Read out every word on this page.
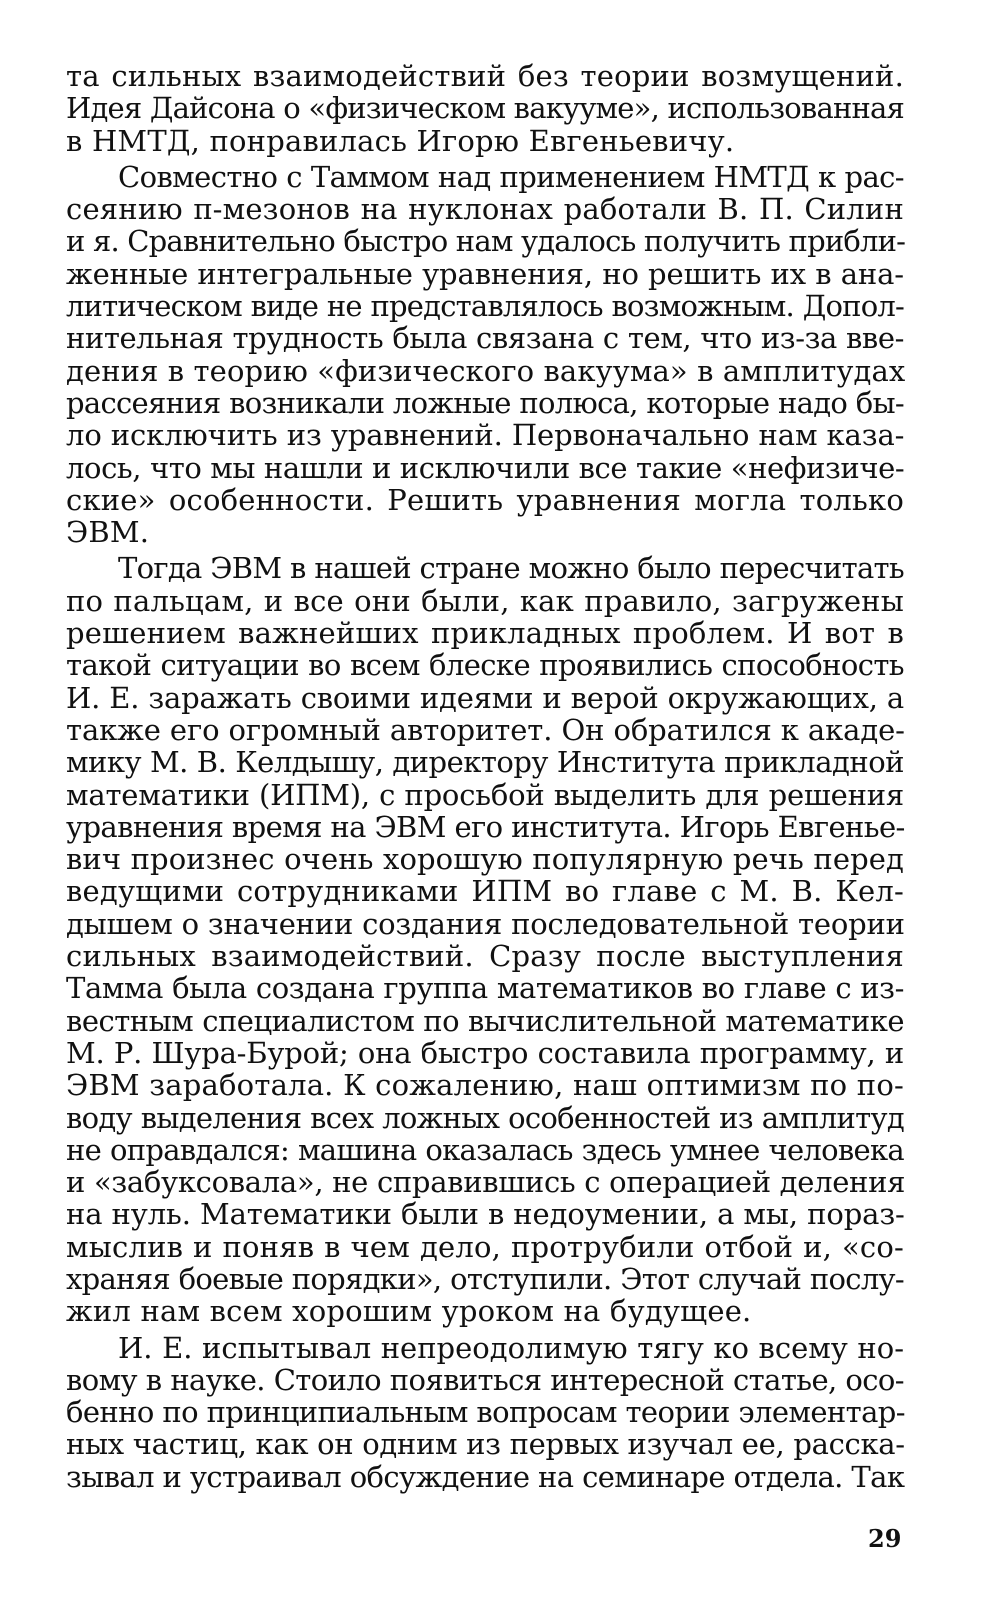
та сильных взаимодействий без теории возмущений.
Идея Дайсона о «физическом вакууме», использованная
в НМТД, понравилась Игорю Евгеньевичу.
Совместно с Таммом над применением НМТД к рас-
сеянию π-мезонов на нуклонах работали В. П. Силин
и я. Сравнительно быстро нам удалось получить прибли-
женные интегральные уравнения, но решить их в ана-
литическом виде не представлялось возможным. Допол-
нительная трудность была связана с тем, что из-за вве-
дения в теорию «физического вакуума» в амплитудах
рассеяния возникали ложные полюса, которые надо бы-
ло исключить из уравнений. Первоначально нам каза-
лось, что мы нашли и исключили все такие «нефизиче-
ские» особенности. Решить уравнения могла только
ЭВМ.
Тогда ЭВМ в нашей стране можно было пересчитать
по пальцам, и все они были, как правило, загружены
решением важнейших прикладных проблем. И вот в
такой ситуации во всем блеске проявились способность
И. Е. заражать своими идеями и верой окружающих, а
также его огромный авторитет. Он обратился к акаде-
мику М. В. Келдышу, директору Института прикладной
математики (ИПМ), с просьбой выделить для решения
уравнения время на ЭВМ его института. Игорь Евгенье-
вич произнес очень хорошую популярную речь перед
ведущими сотрудниками ИПМ во главе с М. В. Кел-
дышем о значении создания последовательной теории
сильных взаимодействий. Сразу после выступления
Тамма была создана группа математиков во главе с из-
вестным специалистом по вычислительной математике
М. Р. Шура-Бурой; она быстро составила программу, и
ЭВМ заработала. К сожалению, наш оптимизм по по-
воду выделения всех ложных особенностей из амплитуд
не оправдался: машина оказалась здесь умнее человека
и «забуксовала», не справившись с операцией деления
на нуль. Математики были в недоумении, а мы, пораз-
мыслив и поняв в чем дело, протрубили отбой и, «со-
храняя боевые порядки», отступили. Этот случай послу-
жил нам всем хорошим уроком на будущее.
И. Е. испытывал непреодолимую тягу ко всему но-
вому в науке. Стоило появиться интересной статье, осо-
бенно по принципиальным вопросам теории элементар-
ных частиц, как он одним из первых изучал ее, расска-
зывал и устраивал обсуждение на семинаре отдела. Так
29
